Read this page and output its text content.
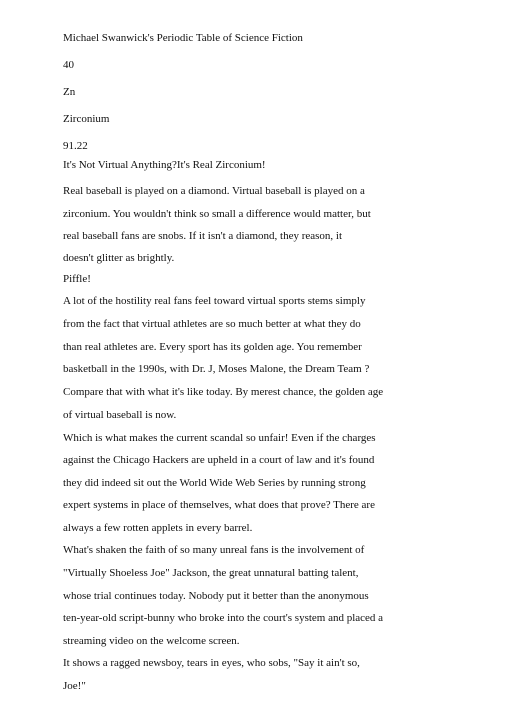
Michael Swanwick's Periodic Table of Science Fiction
40
Zn
Zirconium
91.22
It's Not Virtual Anything?It's Real Zirconium!
Real baseball is played on a diamond. Virtual baseball is played on a
zirconium. You wouldn't think so small a difference would matter, but
real baseball fans are snobs. If it isn't a diamond, they reason, it
doesn't glitter as brightly.
Piffle!
A lot of the hostility real fans feel toward virtual sports stems simply
from the fact that virtual athletes are so much better at what they do
than real athletes are. Every sport has its golden age. You remember
basketball in the 1990s, with Dr. J, Moses Malone, the Dream Team ?
Compare that with what it's like today. By merest chance, the golden age
of virtual baseball is now.
Which is what makes the current scandal so unfair! Even if the charges
against the Chicago Hackers are upheld in a court of law and it's found
they did indeed sit out the World Wide Web Series by running strong
expert systems in place of themselves, what does that prove? There are
always a few rotten applets in every barrel.
What's shaken the faith of so many unreal fans is the involvement of
"Virtually Shoeless Joe" Jackson, the great unnatural batting talent,
whose trial continues today. Nobody put it better than the anonymous
ten-year-old script-bunny who broke into the court's system and placed a
streaming video on the welcome screen.
It shows a ragged newsboy, tears in eyes, who sobs, "Say it ain't so,
Joe!"
